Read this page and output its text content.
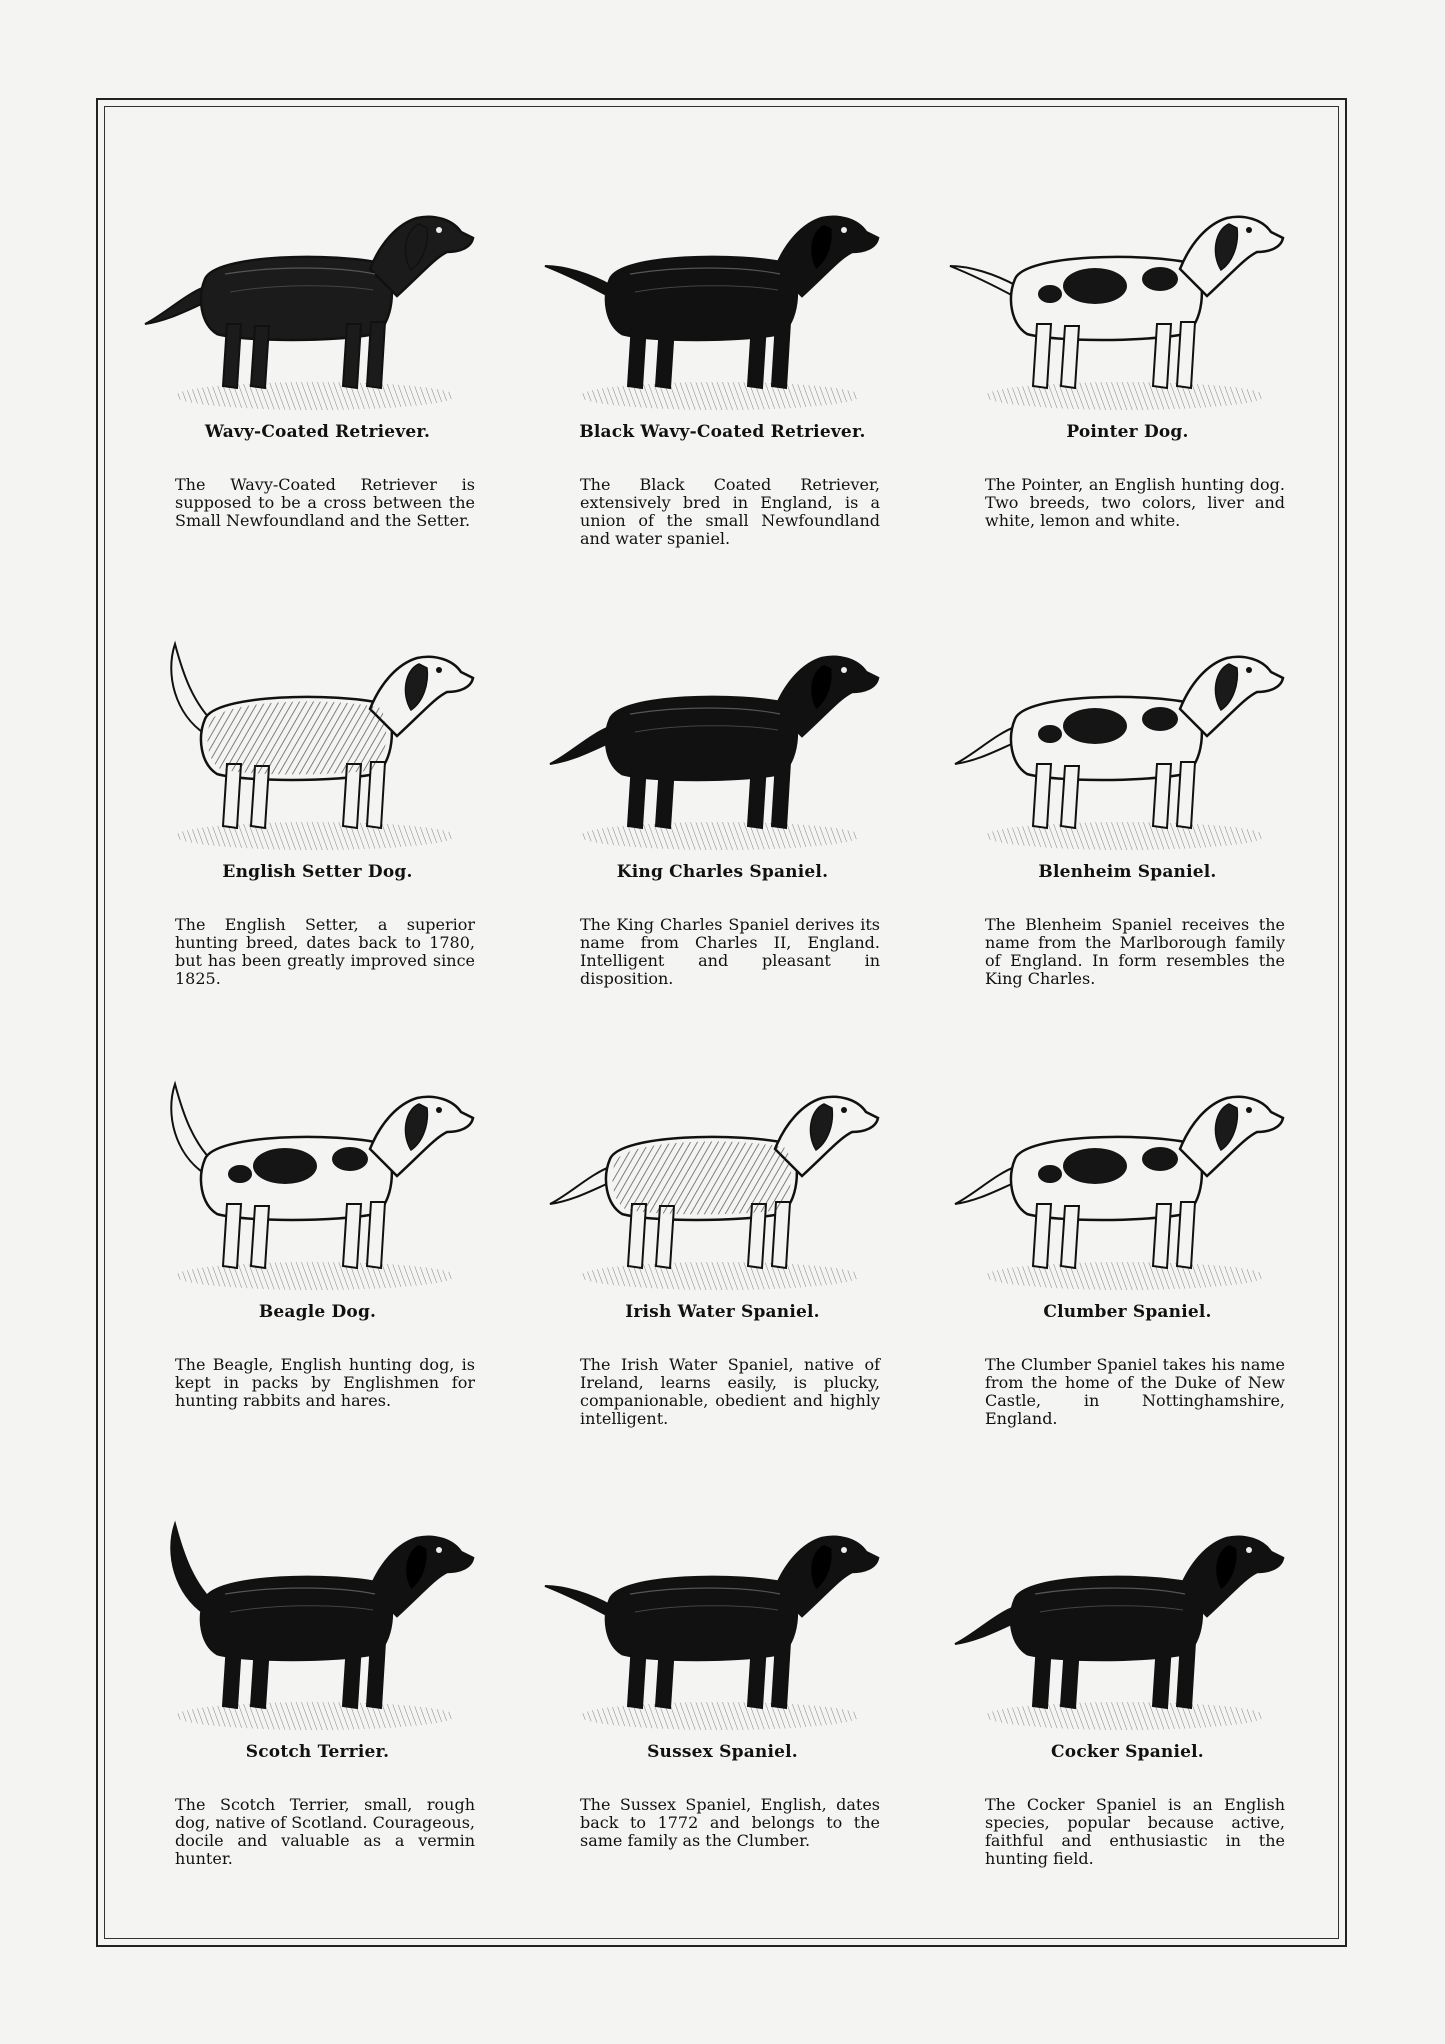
Wavy-Coated Retriever.
The Wavy-Coated Retriever is supposed to be a cross between the Small Newfoundland and the Setter.
Black Wavy-Coated Retriever.
The Black Coated Retriever, extensively bred in England, is a union of the small Newfoundland and water spaniel.
Pointer Dog.
The Pointer, an English hunting dog. Two breeds, two colors, liver and white, lemon and white.
English Setter Dog.
The English Setter, a superior hunting breed, dates back to 1780, but has been greatly improved since 1825.
King Charles Spaniel.
The King Charles Spaniel derives its name from Charles II, England. Intelligent and pleasant in disposition.
Blenheim Spaniel.
The Blenheim Spaniel receives the name from the Marlborough family of England. In form resembles the King Charles.
Beagle Dog.
The Beagle, English hunting dog, is kept in packs by Englishmen for hunting rabbits and hares.
Irish Water Spaniel.
The Irish Water Spaniel, native of Ireland, learns easily, is plucky, companionable, obedient and highly intelligent.
Clumber Spaniel.
The Clumber Spaniel takes his name from the home of the Duke of New Castle, in Nottinghamshire, England.
Scotch Terrier.
The Scotch Terrier, small, rough dog, native of Scotland. Courageous, docile and valuable as a vermin hunter.
Sussex Spaniel.
The Sussex Spaniel, English, dates back to 1772 and belongs to the same family as the Clumber.
Cocker Spaniel.
The Cocker Spaniel is an English species, popular because active, faithful and enthusiastic in the hunting field.
